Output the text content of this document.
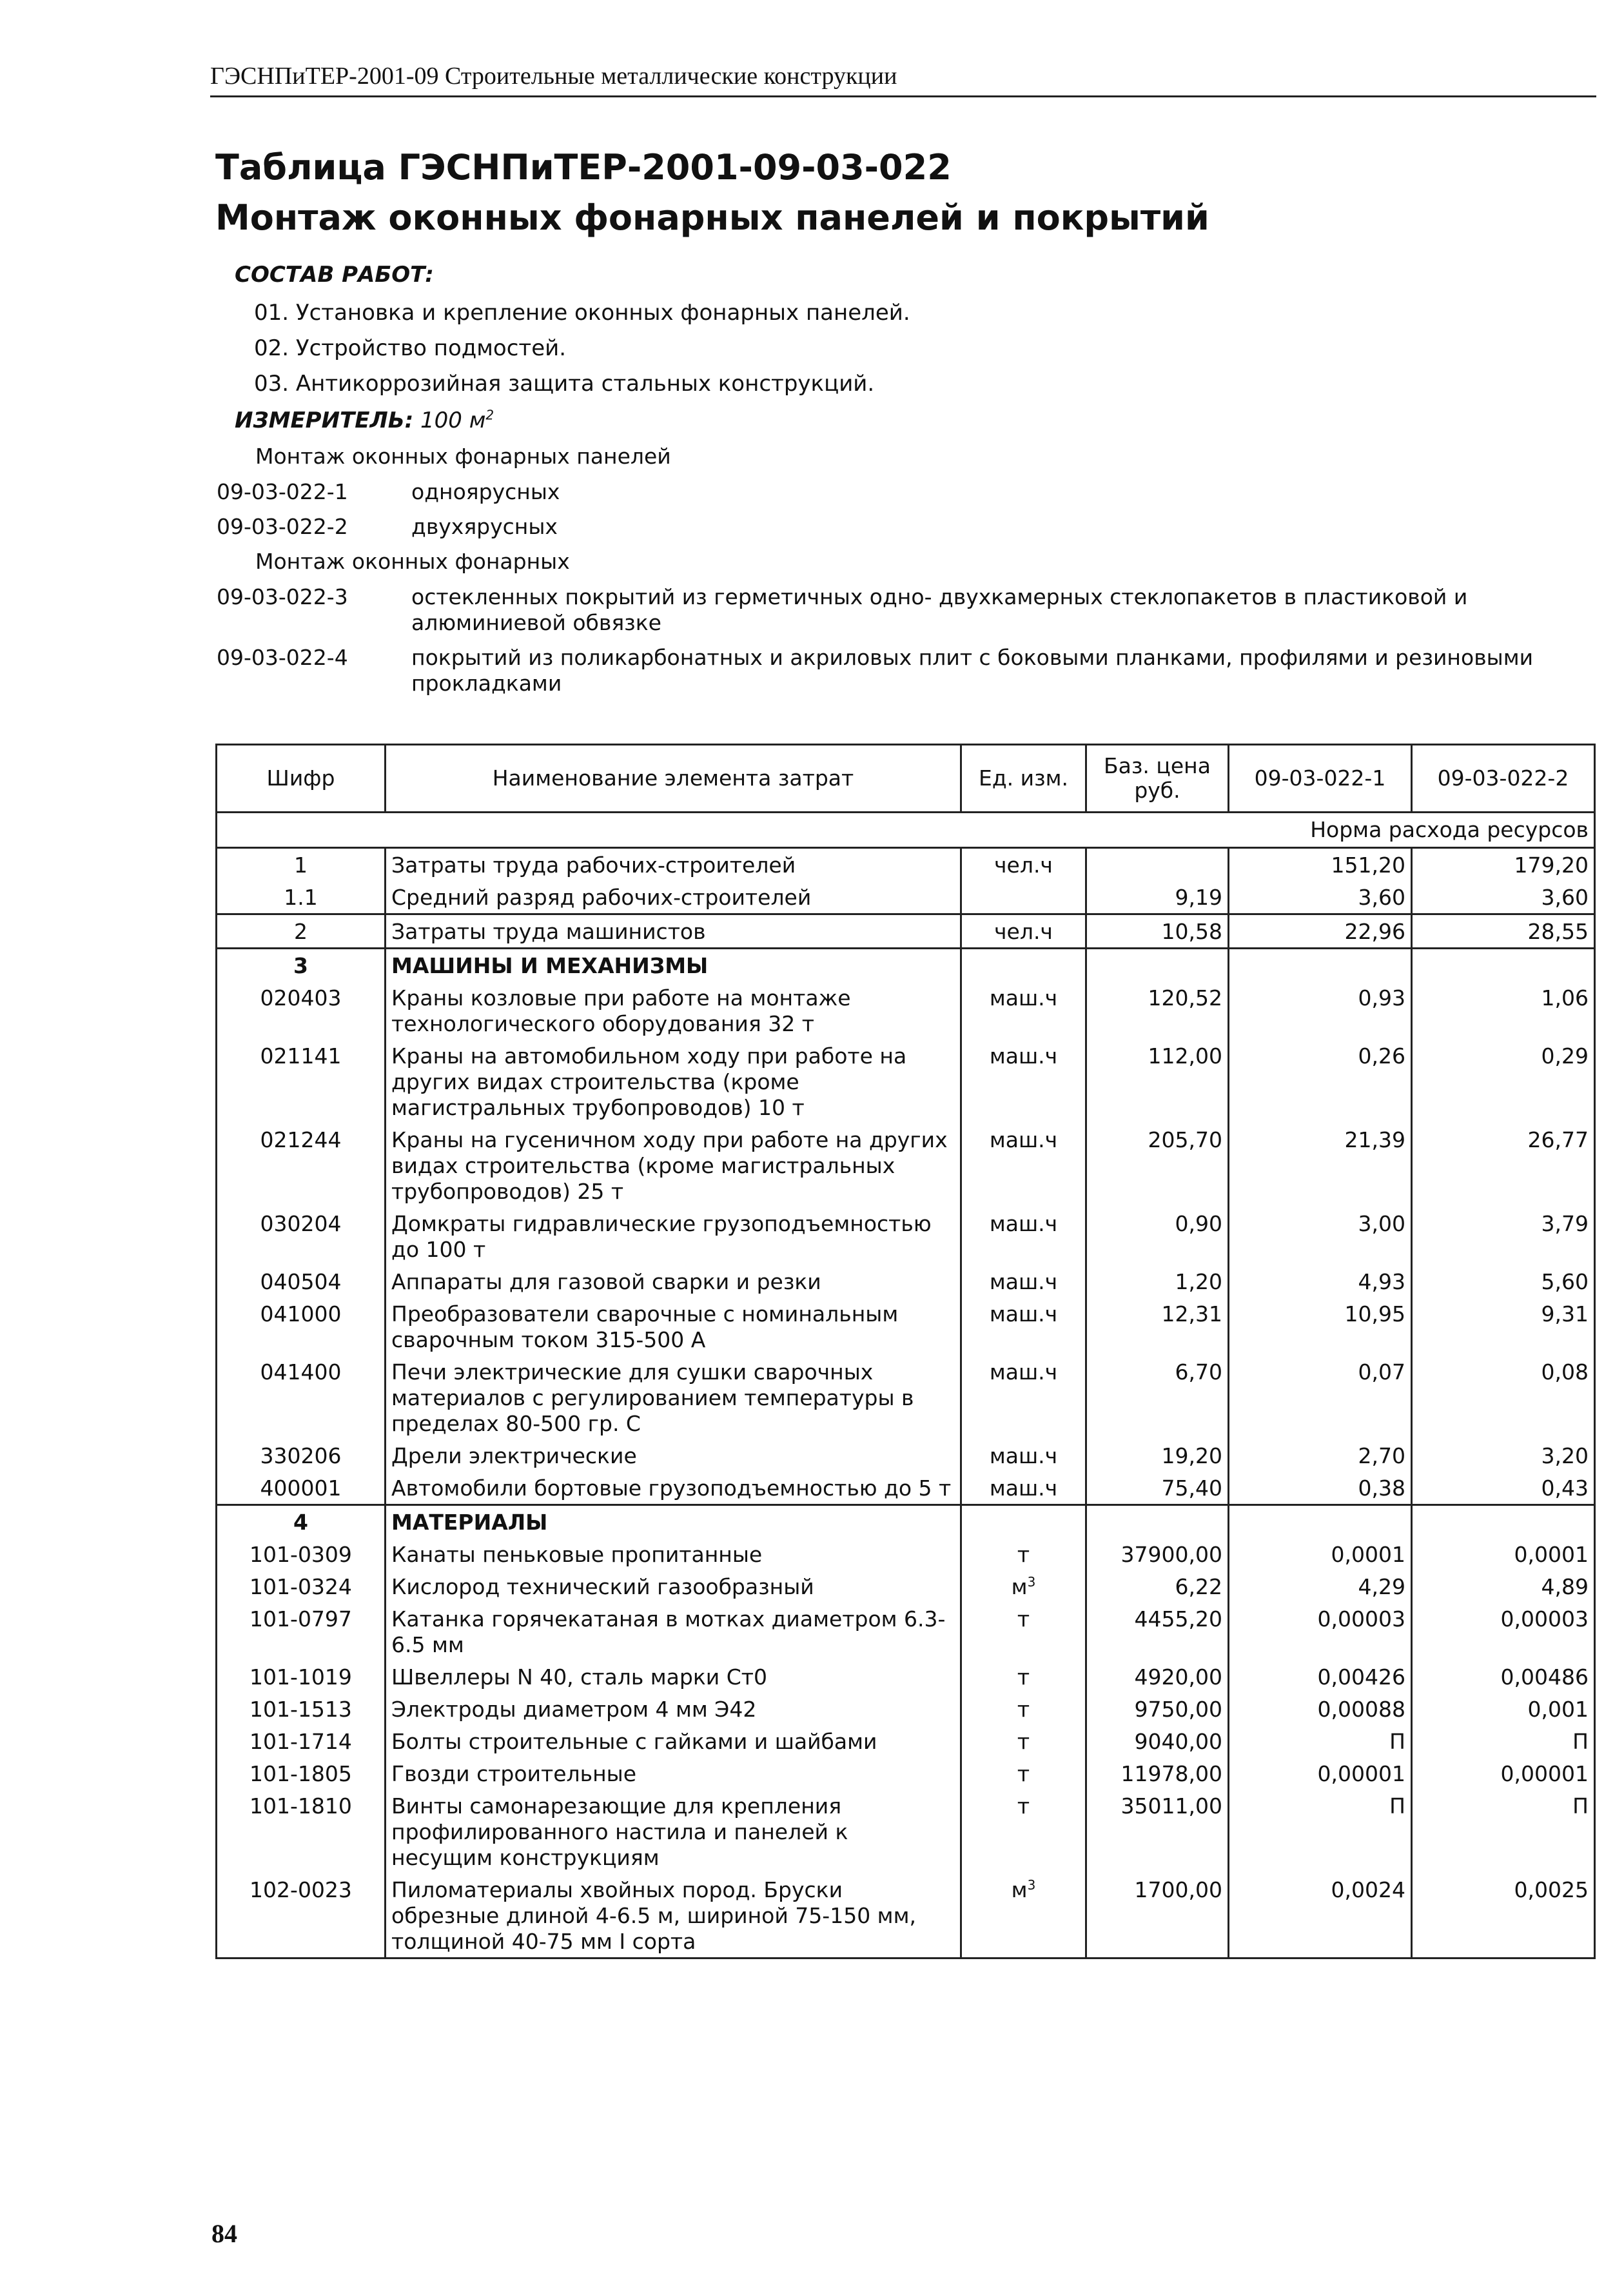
ГЭСНПиТЕР-2001-09 Строительные металлические конструкции
Таблица ГЭСНПиТЕР-2001-09-03-022
Монтаж оконных фонарных панелей и покрытий
СОСТАВ РАБОТ:
01. Установка и крепление оконных фонарных панелей.
02. Устройство подмостей.
03. Антикоррозийная защита стальных конструкций.
ИЗМЕРИТЕЛЬ: 100 $м^2$
Монтаж оконных фонарных панелей
09-03-022-1	одноярусных
09-03-022-2	двухярусных
Монтаж оконных фонарных
09-03-022-3	остекленных покрытий из герметичных одно- двухкамерных стеклопакетов в пластиковой и алюминиевой обвязке
09-03-022-4	покрытий из поликарбонатных и акриловых плит с боковыми планками, профилями и резиновыми прокладками
Шифр	Наименование элемента затрат	Ед. изм.	Баз. цена руб.	09-03-022-1	09-03-022-2
Норма расхода ресурсов					
1	Затраты труда рабочих-строителей	чел.ч		151,20	179,20
1.1	Средний разряд рабочих-строителей		9,19	3,60	3,60
2	Затраты труда машинистов	чел.ч	10,58	22,96	28,55
3	МАШИНЫ И МЕХАНИЗМЫ				
020403	Краны козловые при работе на монтаже технологического оборудования 32 т	маш.ч	120,52	0,93	1,06
021141	Краны на автомобильном ходу при работе на других видах строительства (кроме магистральных трубопроводов) 10 т	маш.ч	112,00	0,26	0,29
021244	Краны на гусеничном ходу при работе на других видах строительства (кроме магистральных трубопроводов) 25 т	маш.ч	205,70	21,39	26,77
030204	Домкраты гидравлические грузоподъемностью до 100 т	маш.ч	0,90	3,00	3,79
040504	Аппараты для газовой сварки и резки	маш.ч	1,20	4,93	5,60
041000	Преобразователи сварочные с номинальным сварочным током 315-500 А	маш.ч	12,31	10,95	9,31
041400	Печи электрические для сушки сварочных материалов с регулированием температуры в пределах 80-500 гр. С	маш.ч	6,70	0,07	0,08
330206	Дрели электрические	маш.ч	19,20	2,70	3,20
400001	Автомобили бортовые грузоподъемностью до 5 т	маш.ч	75,40	0,38	0,43
4	МАТЕРИАЛЫ				
101-0309	Канаты пеньковые пропитанные	т	37900,00	0,0001	0,0001
101-0324	Кислород технический газообразный	$м^3$	6,22	4,29	4,89
101-0797	Катанка горячекатаная в мотках диаметром 6.3-6.5 мм	т	4455,20	0,00003	0,00003
101-1019	Швеллеры N 40, сталь марки Ст0	т	4920,00	0,00426	0,00486
101-1513	Электроды диаметром 4 мм Э42	т	9750,00	0,00088	0,001
101-1714	Болты строительные с гайками и шайбами	т	9040,00	П	П
101-1805	Гвозди строительные	т	11978,00	0,00001	0,00001
101-1810	Винты самонарезающие для крепления профилированного настила и панелей к несущим конструкциям	т	35011,00	П	П
102-0023	Пиломатериалы хвойных пород. Бруски обрезные длиной 4-6.5 м, шириной 75-150 мм, толщиной 40-75 мм I сорта	$м^3$	1700,00	0,0024	0,0025
84
